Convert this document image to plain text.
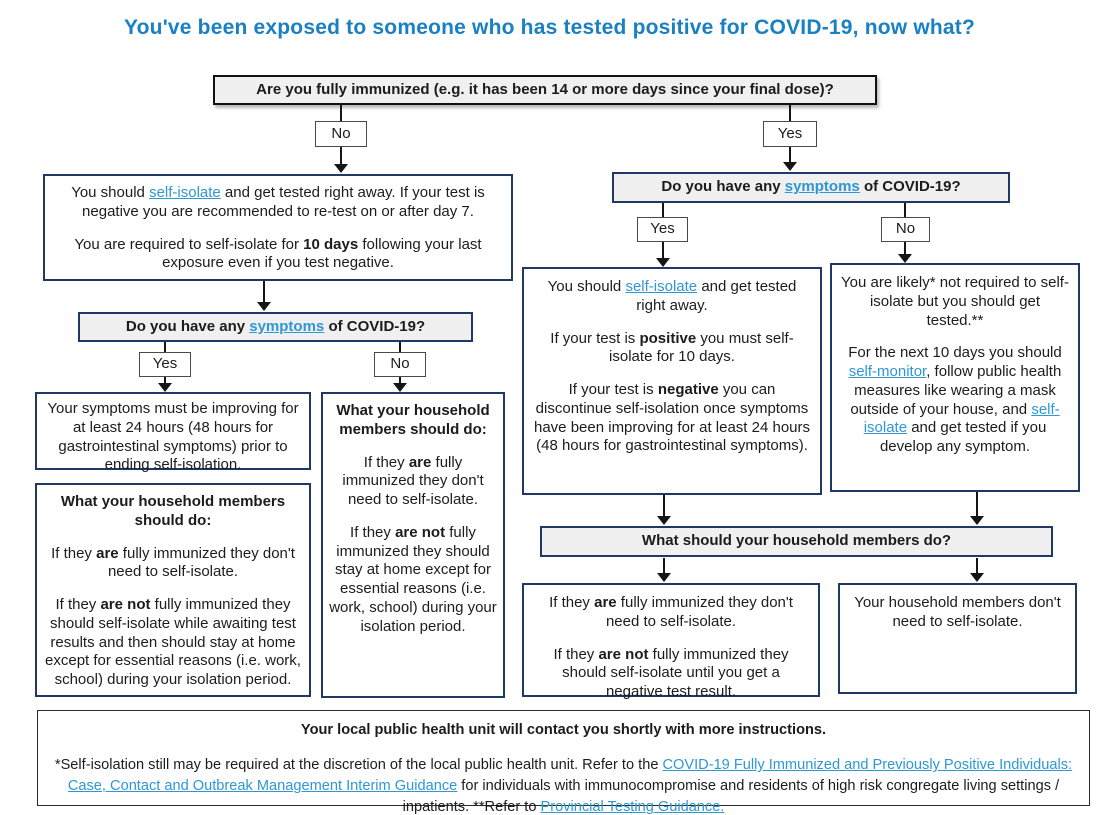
You've been exposed to someone who has tested positive for COVID-19, now what?
Are you fully immunized (e.g. it has been 14 or more days since your final dose)?
No	Yes

You should self-isolate and get tested right away. If your test is negative you are recommended to re-test on or after day 7.

You are required to self-isolate for 10 days following your last exposure even if you test negative.

Do you have any symptoms of COVID-19?

Yes	No

Your symptoms must be improving for at least 24 hours (48 hours for gastrointestinal symptoms) prior to ending self-isolation.

What your household members should do:

If they are fully immunized they don't need to self-isolate.

If they are not fully immunized they should self-isolate while awaiting test results and then should stay at home except for essential reasons (i.e. work, school) during your isolation period.

What your household members should do:

If they are fully immunized they don't need to self-isolate.

If they are not fully immunized they should stay at home except for essential reasons (i.e. work, school) during your isolation period.

Do you have any symptoms of COVID-19?

Yes	No

You should self-isolate and get tested right away.

If your test is positive you must self-isolate for 10 days.

If your test is negative you can discontinue self-isolation once symptoms have been improving for at least 24 hours (48 hours for gastrointestinal symptoms).

You are likely* not required to self-isolate but you should get tested.**

For the next 10 days you should self-monitor, follow public health measures like wearing a mask outside of your house, and self-isolate and get tested if you develop any symptom.

What should your household members do?

If they are fully immunized they don't need to self-isolate.

If they are not fully immunized they should self-isolate until you get a negative test result.

Your household members don't need to self-isolate.

Your local public health unit will contact you shortly with more instructions.

*Self-isolation still may be required at the discretion of the local public health unit. Refer to the COVID-19 Fully Immunized and Previously Positive Individuals: Case, Contact and Outbreak Management Interim Guidance for individuals with immunocompromise and residents of high risk congregate living settings / inpatients. **Refer to Provincial Testing Guidance.
